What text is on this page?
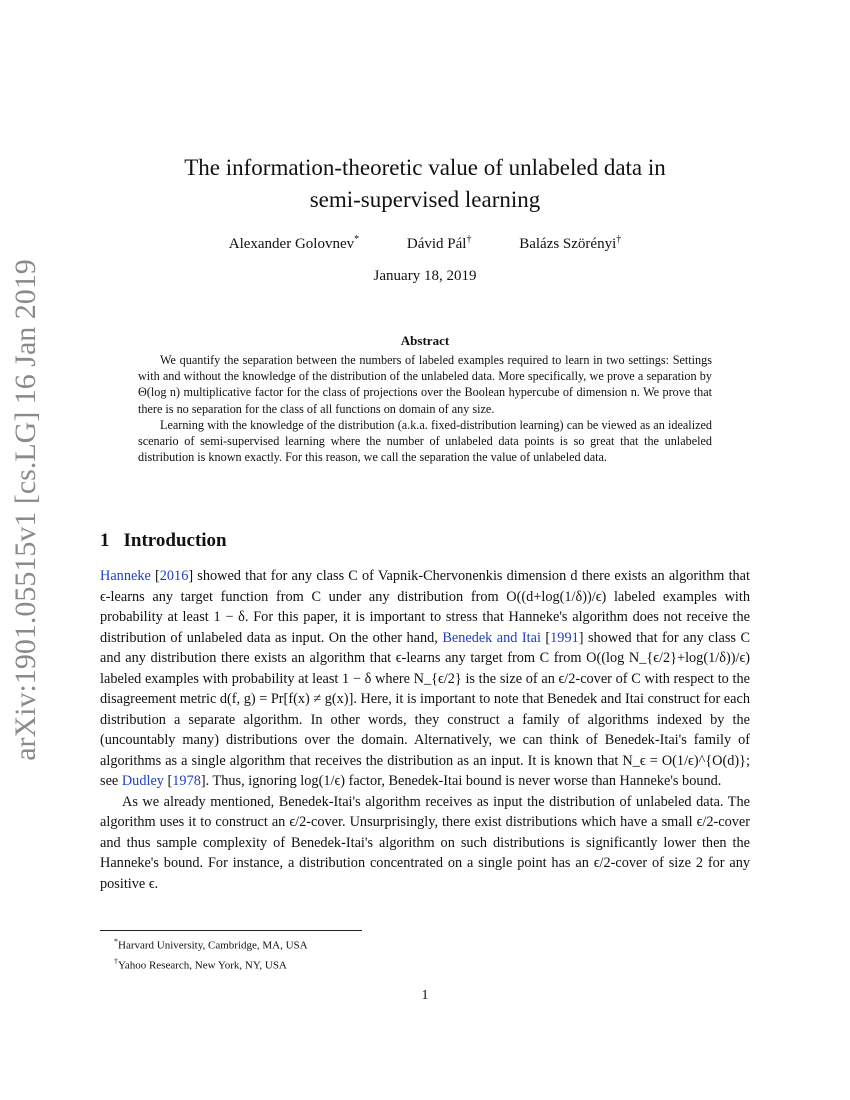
arXiv:1901.05515v1 [cs.LG] 16 Jan 2019
The information-theoretic value of unlabeled data in
semi-supervised learning
Alexander Golovnev*	Dávid Pál†	Balázs Szörényi†
January 18, 2019
Abstract

We quantify the separation between the numbers of labeled examples required to learn in two settings: Settings with and without the knowledge of the distribution of the unlabeled data. More specifically, we prove a separation by Θ(log n) multiplicative factor for the class of projections over the Boolean hypercube of dimension n. We prove that there is no separation for the class of all functions on domain of any size.

Learning with the knowledge of the distribution (a.k.a. fixed-distribution learning) can be viewed as an idealized scenario of semi-supervised learning where the number of unlabeled data points is so great that the unlabeled distribution is known exactly. For this reason, we call the separation the value of unlabeled data.

1 Introduction

Hanneke [2016] showed that for any class C of Vapnik-Chervonenkis dimension d there exists an algorithm that ϵ-learns any target function from C under any distribution from O((d+log(1/δ))/ϵ) labeled examples with probability at least 1 − δ. For this paper, it is important to stress that Hanneke's algorithm does not receive the distribution of unlabeled data as input. On the other hand, Benedek and Itai [1991] showed that for any class C and any distribution there exists an algorithm that ϵ-learns any target from C from O((log N_{ϵ/2}+log(1/δ))/ϵ) labeled examples with probability at least 1 − δ where N_{ϵ/2} is the size of an ϵ/2-cover of C with respect to the disagreement metric d(f, g) = Pr[f(x) ≠ g(x)]. Here, it is important to note that Benedek and Itai construct for each distribution a separate algorithm. In other words, they construct a family of algorithms indexed by the (uncountably many) distributions over the domain. Alternatively, we can think of Benedek-Itai's family of algorithms as a single algorithm that receives the distribution as an input. It is known that N_ϵ = O(1/ϵ)^{O(d)}; see Dudley [1978]. Thus, ignoring log(1/ϵ) factor, Benedek-Itai bound is never worse than Hanneke's bound.

As we already mentioned, Benedek-Itai's algorithm receives as input the distribution of unlabeled data. The algorithm uses it to construct an ϵ/2-cover. Unsurprisingly, there exist distributions which have a small ϵ/2-cover and thus sample complexity of Benedek-Itai's algorithm on such distributions is significantly lower then the Hanneke's bound. For instance, a distribution concentrated on a single point has an ϵ/2-cover of size 2 for any positive ϵ.

*Harvard University, Cambridge, MA, USA
†Yahoo Research, New York, NY, USA
1
